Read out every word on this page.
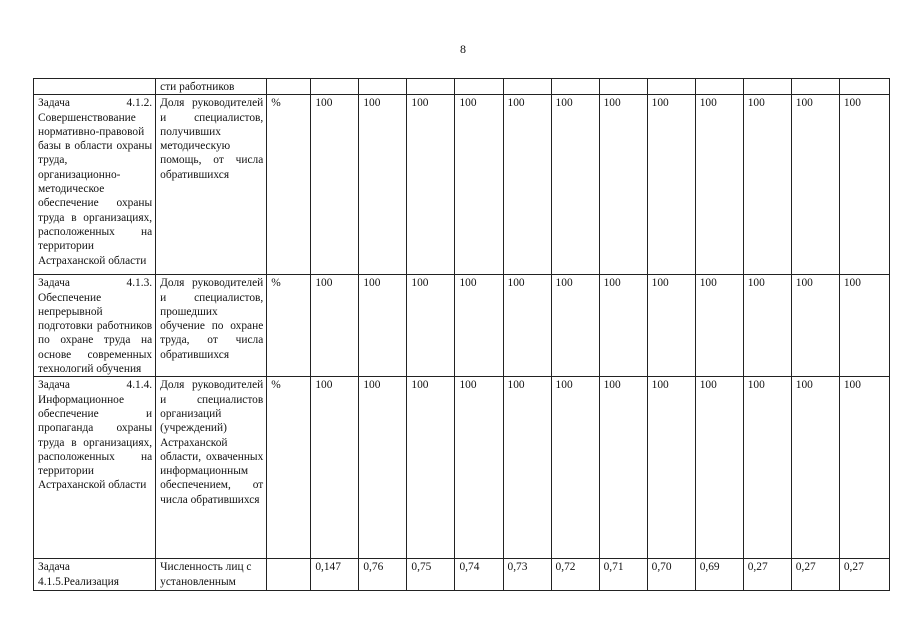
8
	сти работников													
Задача 4.1.2. Совершенствование нормативно-правовой базы в области охраны труда, организационно-методическое обеспечение охраны труда в организациях, расположенных на территории Астраханской области	Доля руководителей и специалистов, получивших методическую помощь, от числа обратившихся	%	100	100	100	100	100	100	100	100	100	100	100	100
Задача 4.1.3. Обеспечение непрерывной подготовки работников по охране труда на основе современных технологий обучения	Доля руководителей и специалистов, прошедших обучение по охране труда, от числа обратившихся	%	100	100	100	100	100	100	100	100	100	100	100	100
Задача 4.1.4. Информационное обеспечение и пропаганда охраны труда в организациях, расположенных на территории Астраханской области	Доля руководителей и специалистов организаций (учреждений) Астраханской области, охваченных информационным обеспечением, от числа обратившихся	%	100	100	100	100	100	100	100	100	100	100	100	100
Задача 4.1.5.Реализация	Численность лиц с установленным		0,147	0,76	0,75	0,74	0,73	0,72	0,71	0,70	0,69	0,27	0,27	0,27
